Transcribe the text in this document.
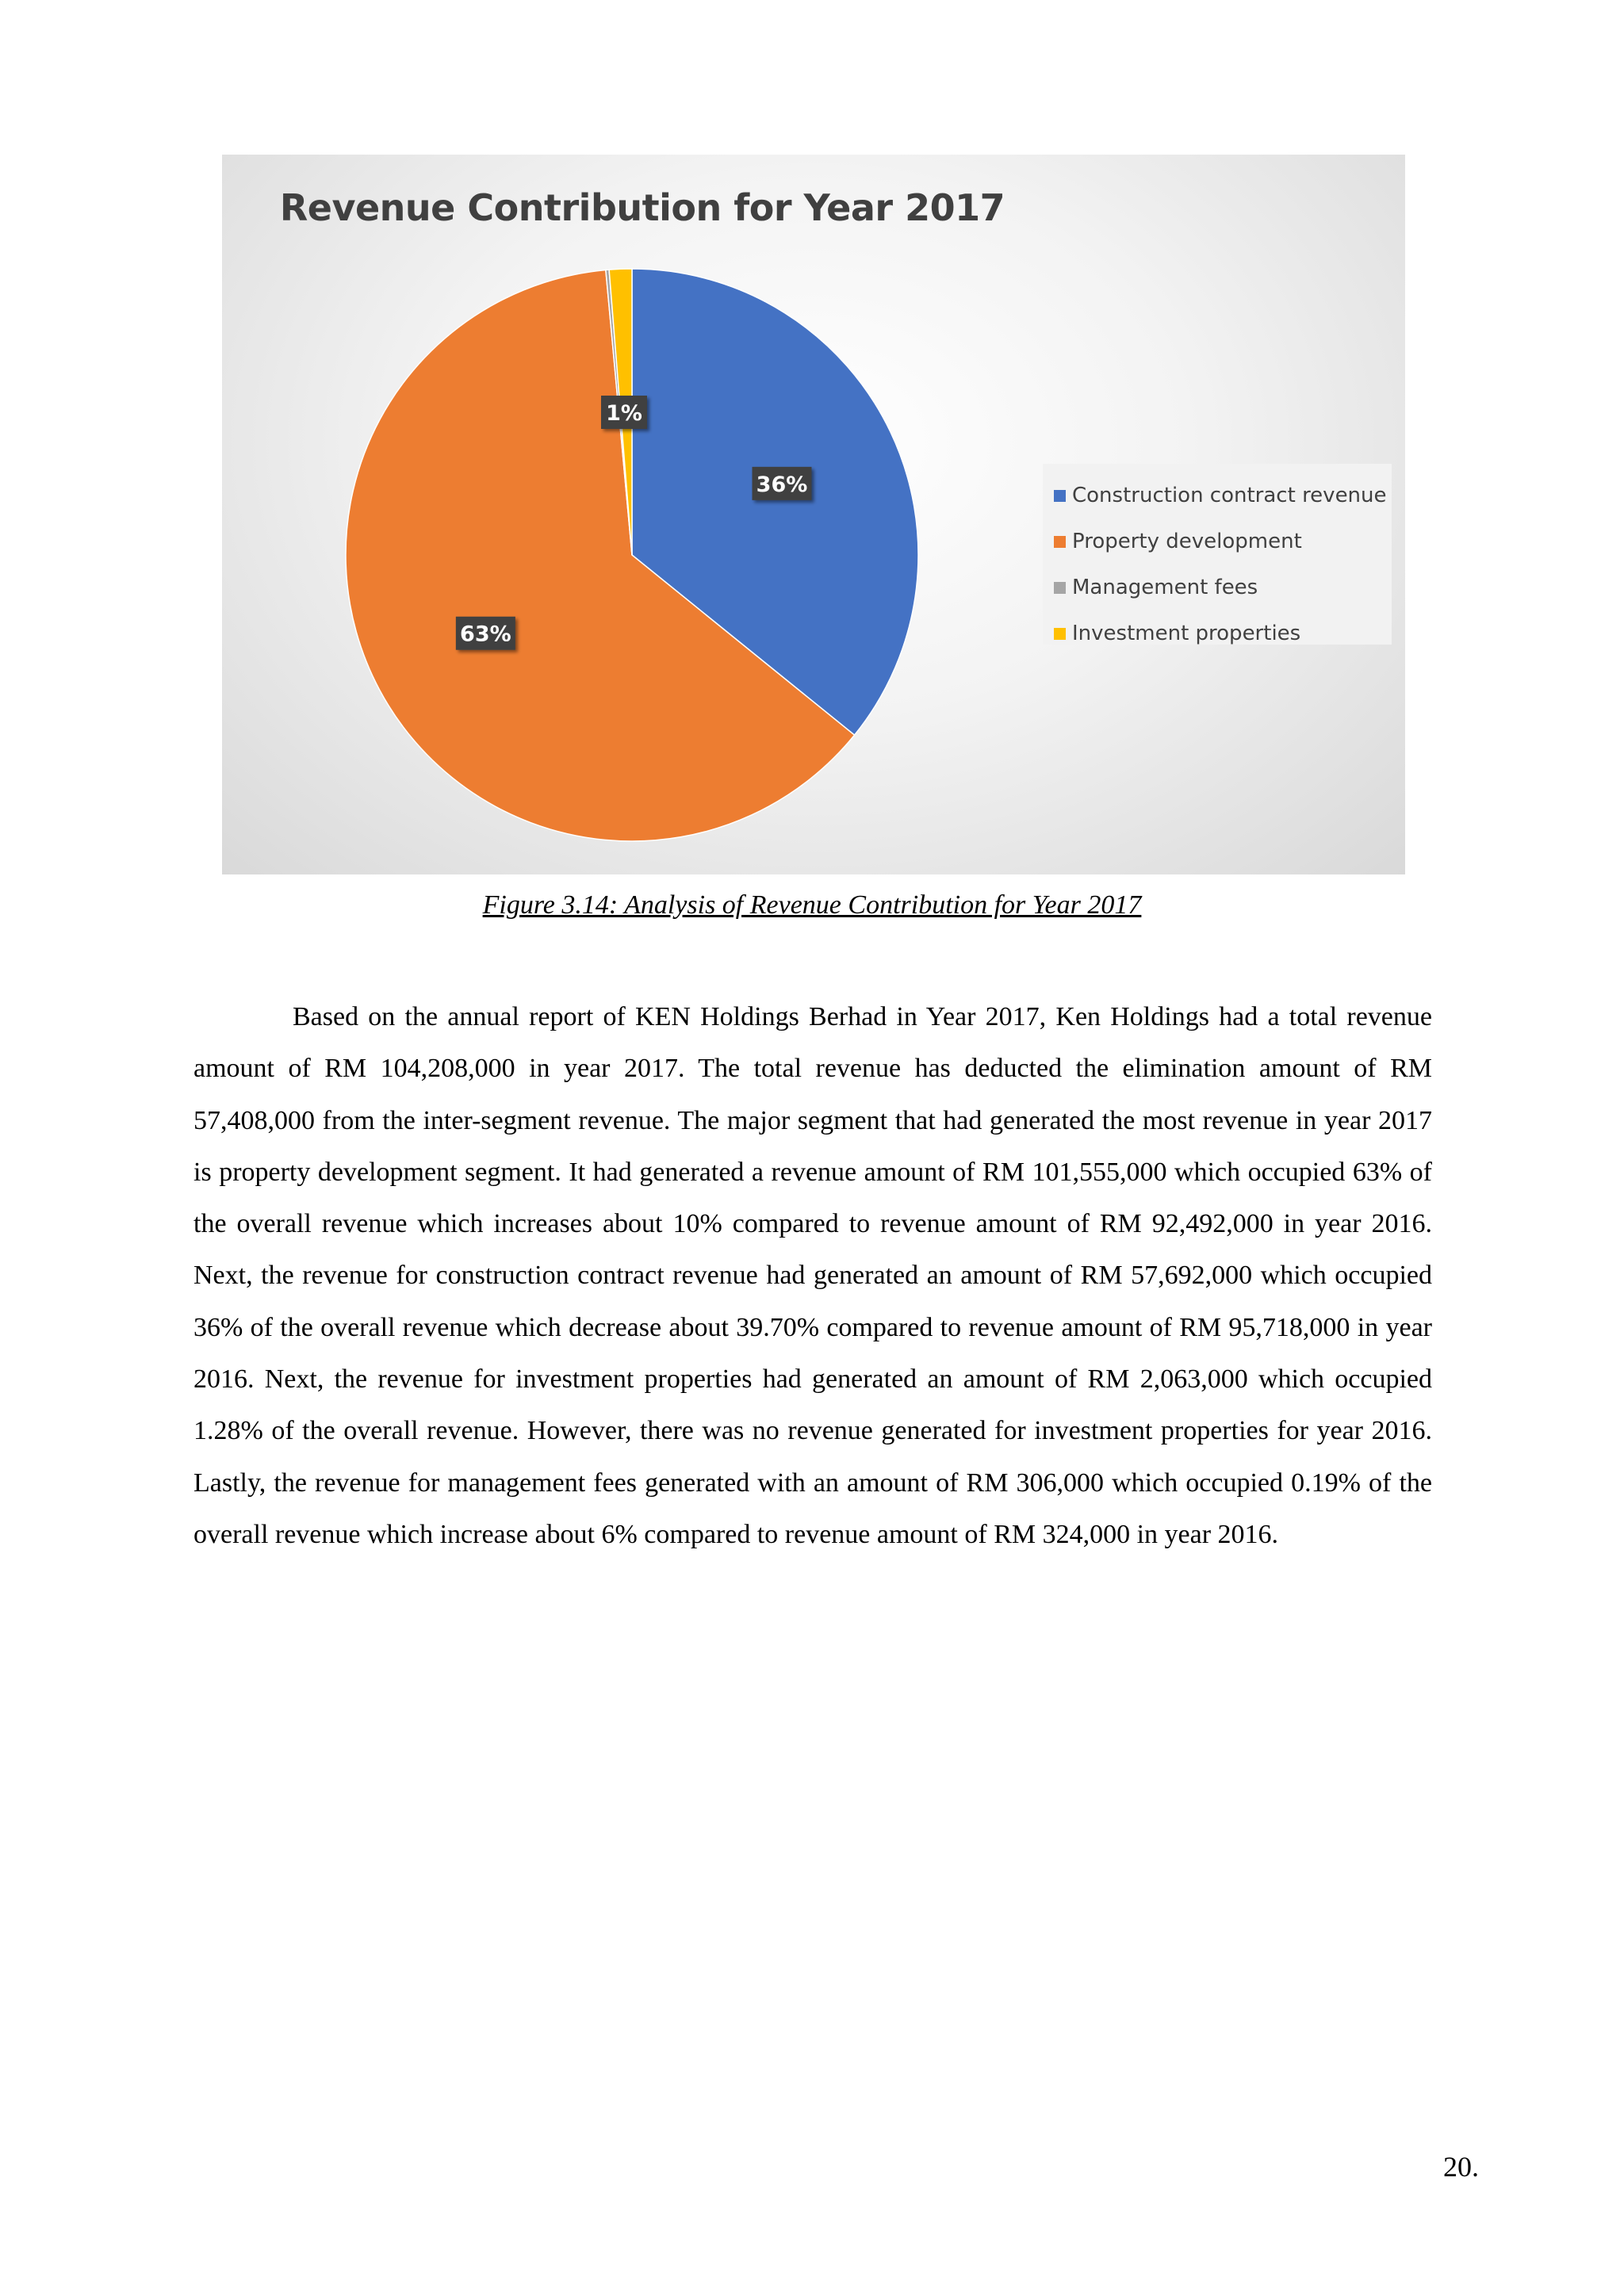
Revenue Contribution for Year 2017
36%
63%
1%
Construction contract revenue
Property development
Management fees
Investment properties
Figure 3.14: Analysis of Revenue Contribution for Year 2017

Based on the annual report of KEN Holdings Berhad in Year 2017, Ken Holdings had a total revenue amount of RM 104,208,000 in year 2017. The total revenue has deducted the elimination amount of RM 57,408,000 from the inter-segment revenue. The major segment that had generated the most revenue in year 2017 is property development segment. It had generated a revenue amount of RM 101,555,000 which occupied 63% of the overall revenue which increases about 10% compared to revenue amount of RM 92,492,000 in year 2016. Next, the revenue for construction contract revenue had generated an amount of RM 57,692,000 which occupied 36% of the overall revenue which decrease about 39.70% compared to revenue amount of RM 95,718,000 in year 2016. Next, the revenue for investment properties had generated an amount of RM 2,063,000 which occupied 1.28% of the overall revenue. However, there was no revenue generated for investment properties for year 2016. Lastly, the revenue for management fees generated with an amount of RM 306,000 which occupied 0.19% of the overall revenue which increase about 6% compared to revenue amount of RM 324,000 in year 2016.

20.
